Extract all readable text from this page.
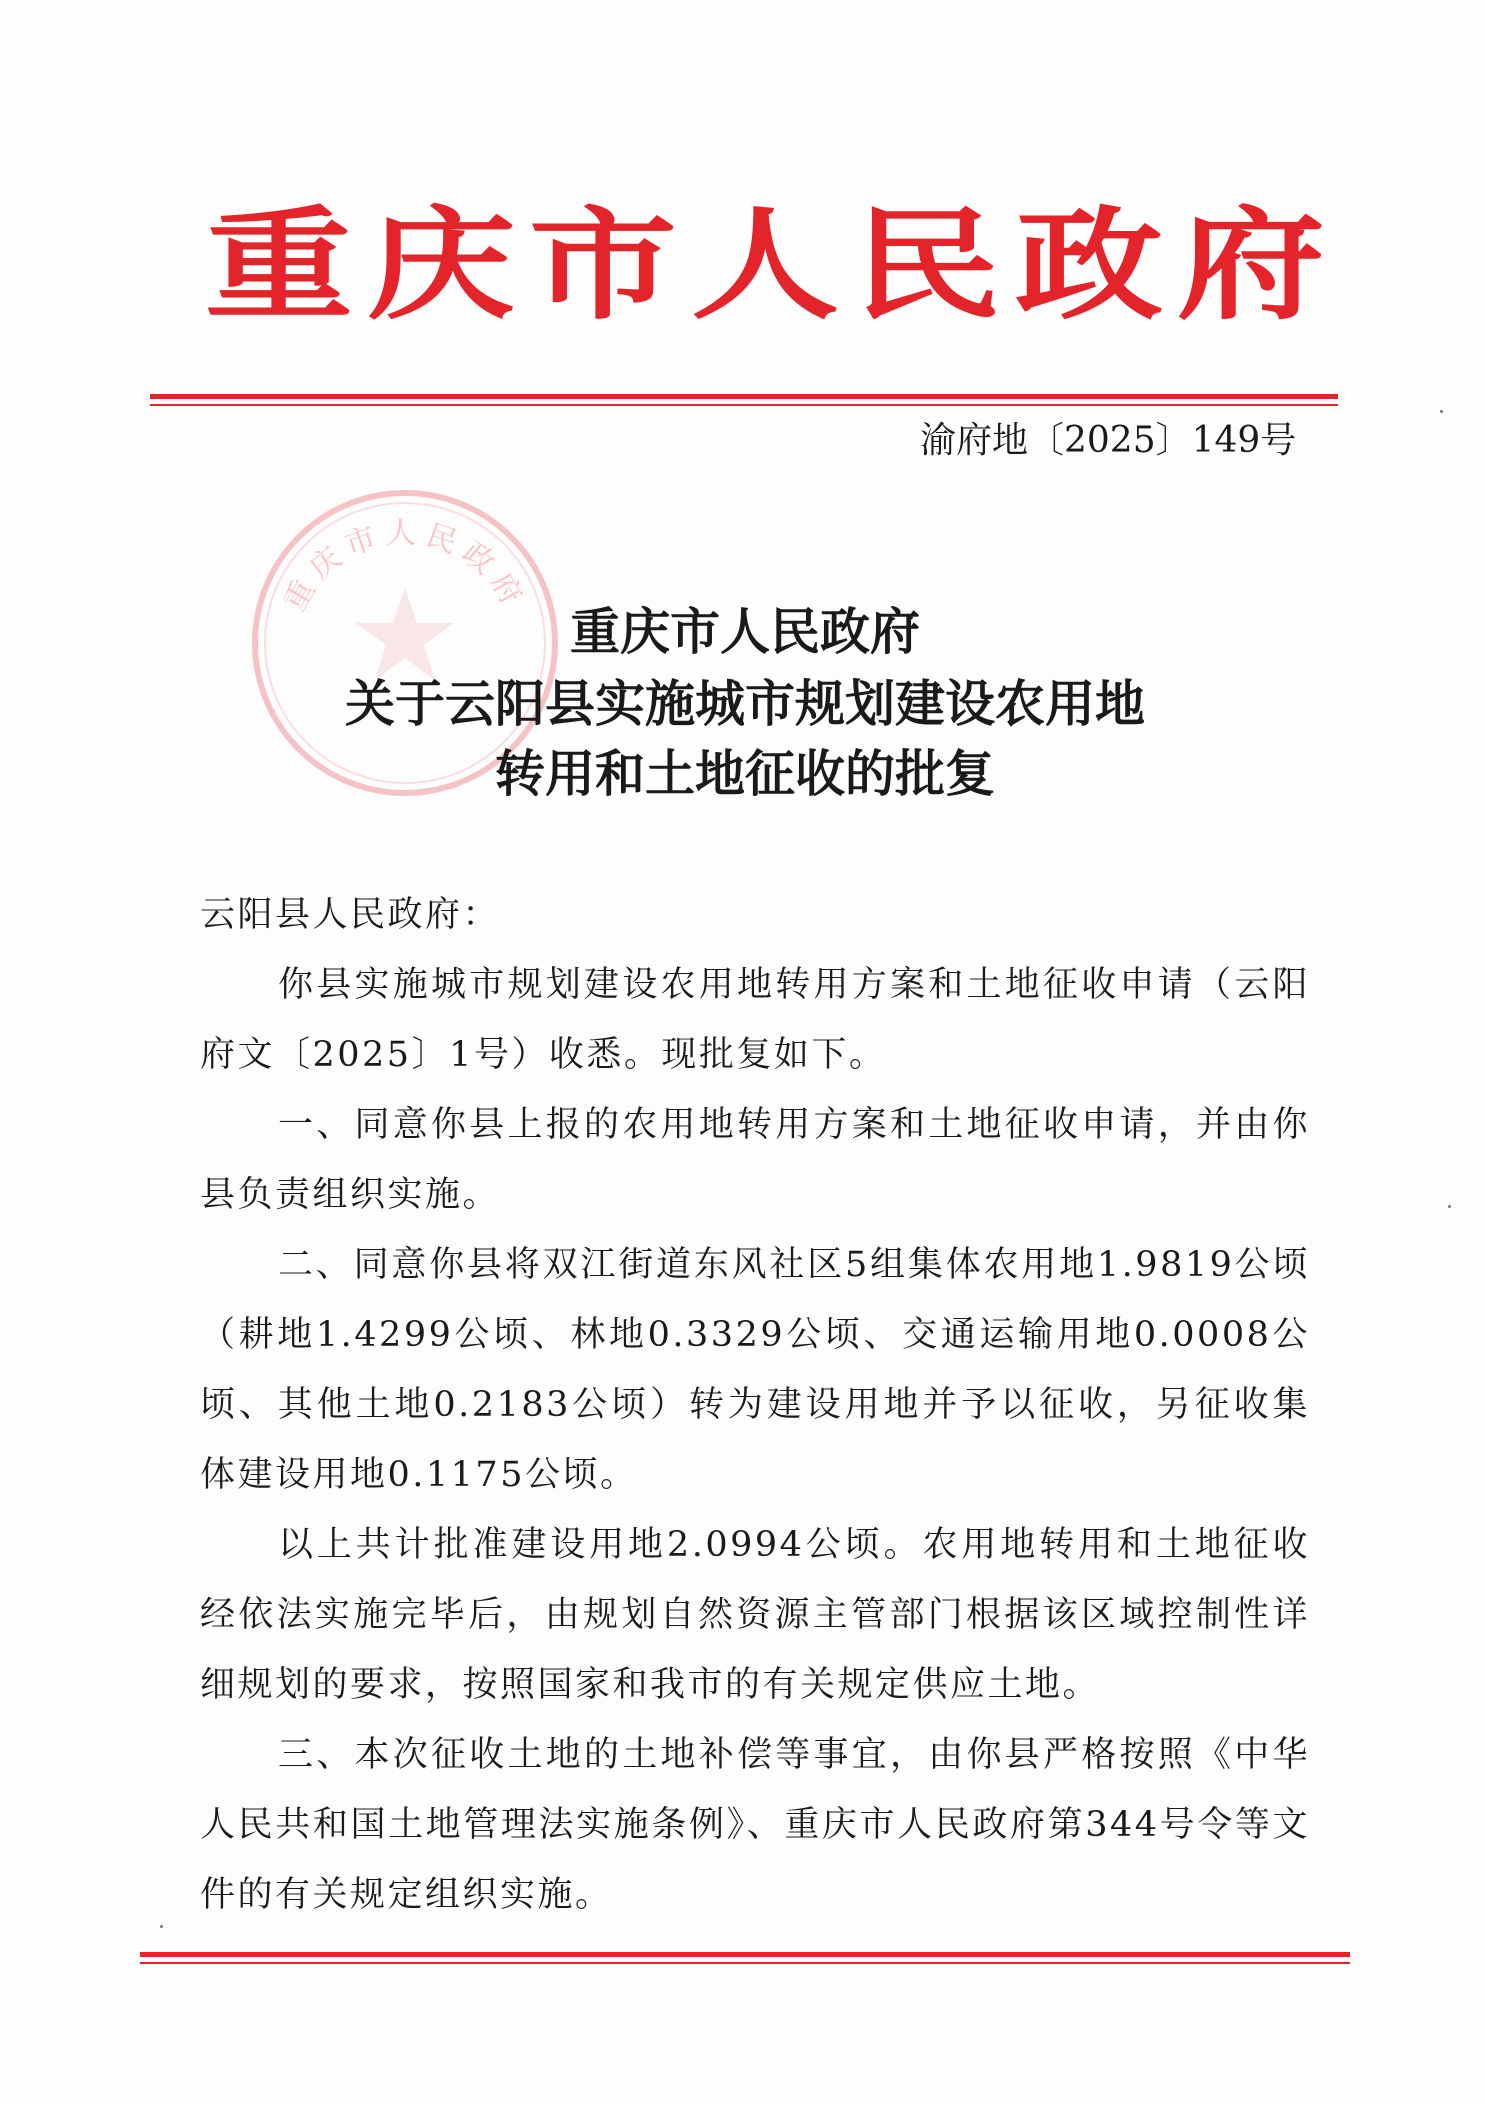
重庆市人民政府
渝府地〔2025〕149号
重庆市人民政府
重庆市人民政府
关于云阳县实施城市规划建设农用地
转用和土地征收的批复

云阳县人民政府：

你县实施城市规划建设农用地转用方案和土地征收申请（云阳府文〔2025〕1号）收悉。现批复如下。

一、同意你县上报的农用地转用方案和土地征收申请，并由你县负责组织实施。

二、同意你县将双江街道东风社区5组集体农用地1.9819公顷（耕地1.4299公顷、林地0.3329公顷、交通运输用地0.0008公顷、其他土地0.2183公顷）转为建设用地并予以征收，另征收集体建设用地0.1175公顷。

以上共计批准建设用地2.0994公顷。农用地转用和土地征收经依法实施完毕后，由规划自然资源主管部门根据该区域控制性详细规划的要求，按照国家和我市的有关规定供应土地。

三、本次征收土地的土地补偿等事宜，由你县严格按照《中华人民共和国土地管理法实施条例》、重庆市人民政府第344号令等文件的有关规定组织实施。
